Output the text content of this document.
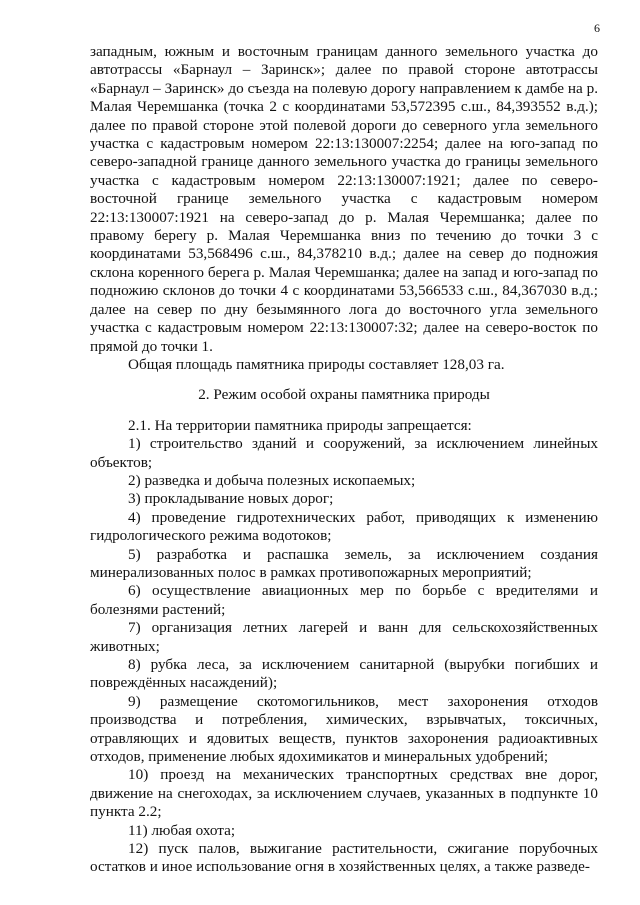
6

западным, южным и восточным границам данного земельного участка до автотрассы «Барнаул – Заринск»; далее по правой стороне автотрассы «Барнаул – Заринск» до съезда на полевую дорогу направлением к дамбе на р. Малая Черемшанка (точка 2 с координатами 53,572395 с.ш., 84,393552 в.д.); далее по правой стороне этой полевой дороги до северного угла земельного участка с кадастровым номером 22:13:130007:2254; далее на юго-запад по северо-западной границе данного земельного участка до границы земельного участка с кадастровым номером 22:13:130007:1921; далее по северо-восточной границе земельного участка с кадастровым номером 22:13:130007:1921 на северо-запад до р. Малая Черемшанка; далее по правому берегу р. Малая Черемшанка вниз по течению до точки 3 с координатами 53,568496 с.ш., 84,378210 в.д.; далее на север до подножия склона коренного берега р. Малая Черемшанка; далее на запад и юго-запад по подножию склонов до точки 4 с координатами 53,566533 с.ш., 84,367030 в.д.; далее на север по дну безымянного лога до восточного угла земельного участка с кадастровым номером 22:13:130007:32; далее на северо-восток по прямой до точки 1.

Общая площадь памятника природы составляет 128,03 га.

2. Режим особой охраны памятника природы

2.1. На территории памятника природы запрещается:

1) строительство зданий и сооружений, за исключением линейных объектов;
2) разведка и добыча полезных ископаемых;
3) прокладывание новых дорог;
4) проведение гидротехнических работ, приводящих к изменению гидрологического режима водотоков;
5) разработка и распашка земель, за исключением создания минерализованных полос в рамках противопожарных мероприятий;
6) осуществление авиационных мер по борьбе с вредителями и болезнями растений;
7) организация летних лагерей и ванн для сельскохозяйственных животных;
8) рубка леса, за исключением санитарной (вырубки погибших и повреждённых насаждений);
9) размещение скотомогильников, мест захоронения отходов производства и потребления, химических, взрывчатых, токсичных, отравляющих и ядовитых веществ, пунктов захоронения радиоактивных отходов, применение любых ядохимикатов и минеральных удобрений;
10) проезд на механических транспортных средствах вне дорог, движение на снегоходах, за исключением случаев, указанных в подпункте 10 пункта 2.2;
11) любая охота;
12) пуск палов, выжигание растительности, сжигание порубочных остатков и иное использование огня в хозяйственных целях, а также разведе-
